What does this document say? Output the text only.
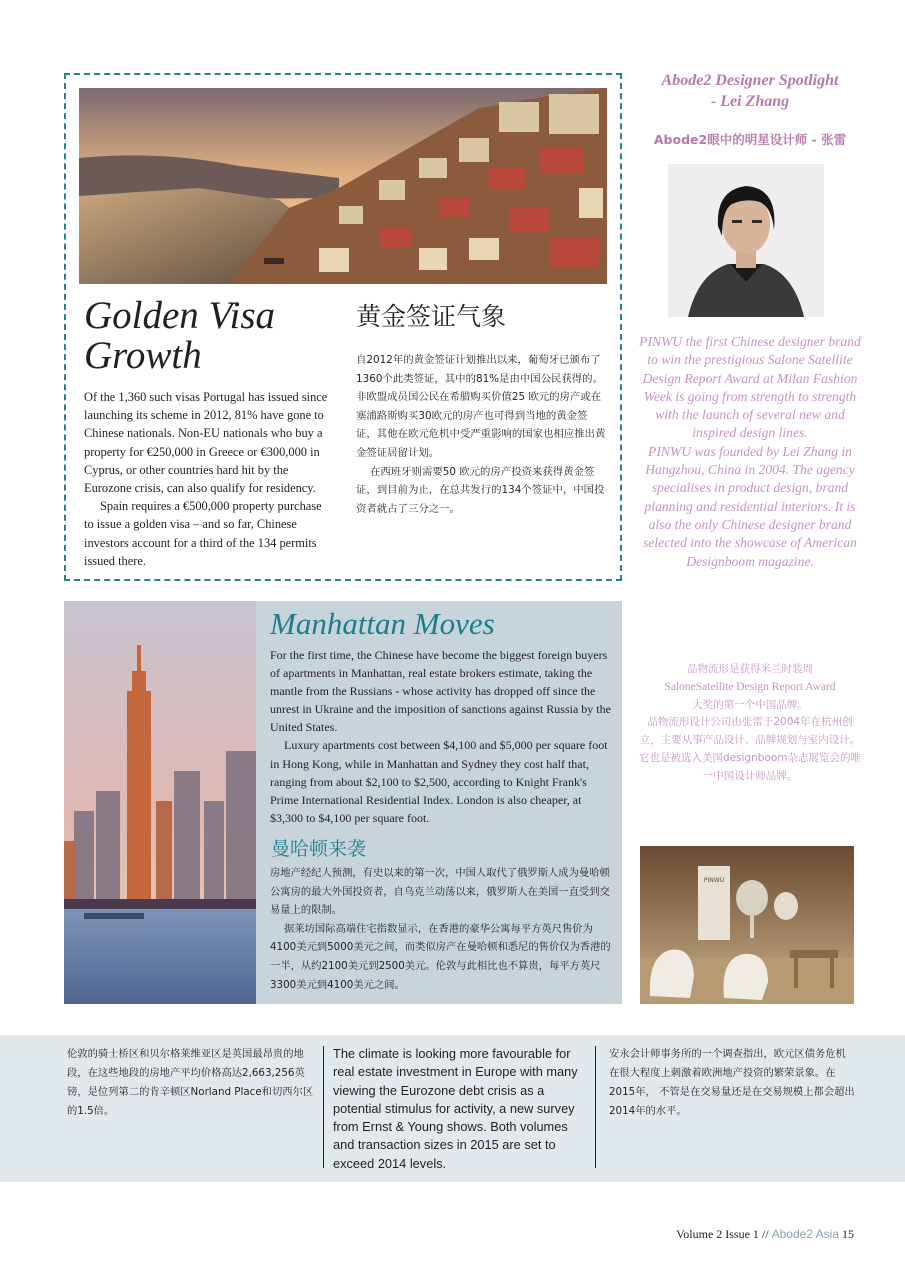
Golden Visa
Growth

Of the 1,360 such visas Portugal has issued since launching its scheme in 2012, 81% have gone to Chinese nationals. Non-EU nationals who buy a property for €250,000 in Greece or €300,000 in Cyprus, or other countries hard hit by the Eurozone crisis, can also qualify for residency.

Spain requires a €500,000 property purchase to issue a golden visa – and so far, Chinese investors account for a third of the 134 permits issued there.

黄金签证气象

自2012年的黄金签证计划推出以来，葡萄牙已颁布了1360个此类签证，其中的81%是由中国公民获得的。非欧盟成员国公民在希腊购买价值25 欧元的房产或在塞浦路斯购买30欧元的房产也可得到当地的黄金签证，其他在欧元危机中受严重影响的国家也相应推出黄金签证居留计划。

在西班牙则需要50 欧元的房产投资来获得黄金签证，到目前为止，在总共发行的134个签证中，中国投资者就占了三分之一。

Manhattan Moves

For the first time, the Chinese have become the biggest foreign buyers of apartments in Manhattan, real estate brokers estimate, taking the mantle from the Russians - whose activity has dropped off since the unrest in Ukraine and the imposition of sanctions against Russia by the United States.

Luxury apartments cost between $4,100 and $5,000 per square foot in Hong Kong, while in Manhattan and Sydney they cost half that, ranging from about $2,100 to $2,500, according to Knight Frank's Prime International Residential Index. London is also cheaper, at $3,300 to $4,100 per square foot.

曼哈顿来袭

房地产经纪人预测，有史以来的第一次，中国人取代了俄罗斯人成为曼哈顿公寓房的最大外国投资者，自乌克兰动荡以来，俄罗斯人在美国一直受到交易量上的限制。

据莱坊国际高端住宅指数显示，在香港的豪华公寓每平方英尺售价为4100美元到5000美元之间，而类似房产在曼哈顿和悉尼的售价仅为香港的一半，从约2100美元到2500美元。伦敦与此相比也不算贵，每平方英尺3300美元到4100美元之间。

Abode2 Designer Spotlight
- Lei Zhang
Abode2眼中的明星设计师 - 张雷

PINWU the first Chinese designer brand to win the prestigious Salone Satellite Design Report Award at Milan Fashion Week is going from strength to strength with the launch of several new and inspired design lines.

PINWU was founded by Lei Zhang in Hangzhou, China in 2004. The agency specialises in product design, brand planning and residential interiors. It is also the only Chinese designer brand selected into the showcase of American Designboom magazine.

品物流形是获得米兰时装周
SaloneSatellite Design Report Award
大奖的第一个中国品牌。

品物流形设计公司由张雷于2004年在杭州创立，主要从事产品设计、品牌规划与室内设计。它也是被选入美国designboom杂志展览会的唯一中国设计师品牌。

PINWU
伦敦的骑士桥区和贝尔格莱维亚区是英国最昂贵的地段，在这些地段的房地产平均价格高达2,663,256英镑，是位列第二的肯辛顿区Norland Place和切西尔区的1.5倍。
The climate is looking more favourable for real estate investment in Europe with many viewing the Eurozone debt crisis as a potential stimulus for activity, a new survey from Ernst & Young shows. Both volumes and transaction sizes in 2015 are set to exceed 2014 levels.
安永会计师事务所的一个调查指出，欧元区债务危机在很大程度上刺激着欧洲地产投资的繁荣景象。在2015年， 不管是在交易量还是在交易规模上都会超出2014年的水平。
Volume 2 Issue 1 // Abode2 Asia 15
